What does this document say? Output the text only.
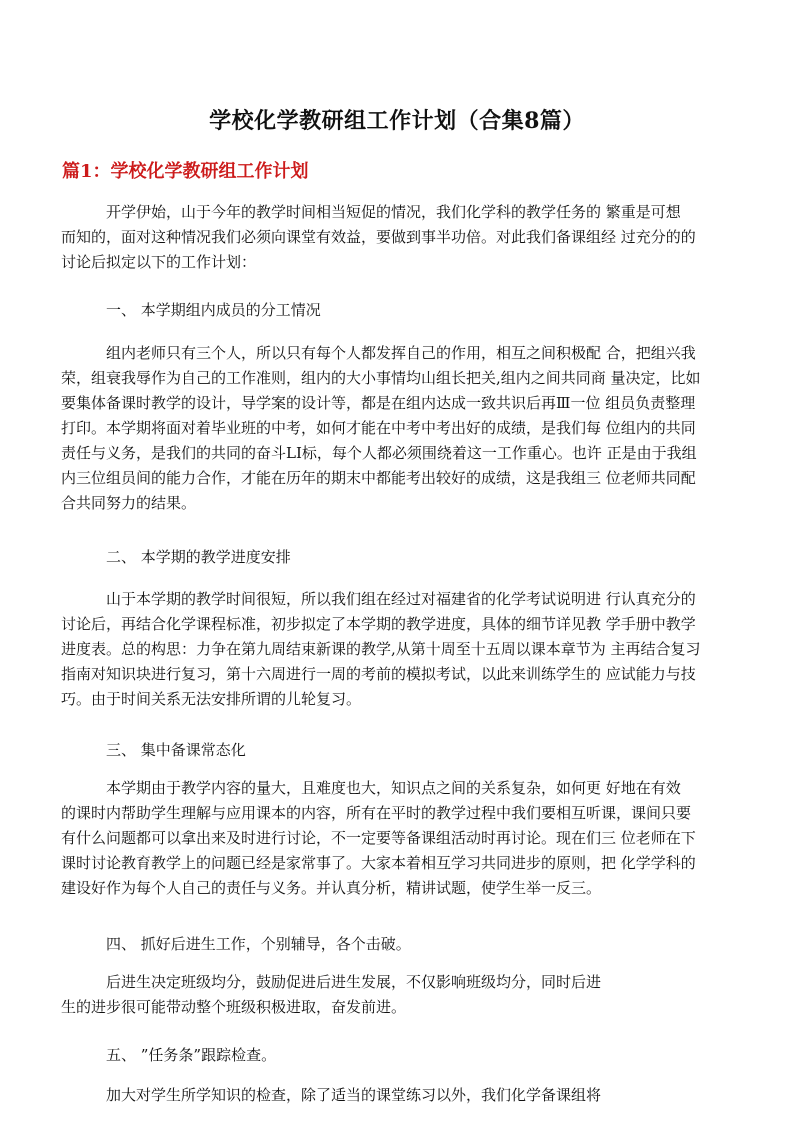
学校化学教研组工作计划（合集8篇）
篇1：学校化学教研组工作计划

开学伊始，山于今年的教学时间相当短促的情况，我们化学科的教学任务的 繁重是可想
而知的，面对这种情况我们必须向课堂有效益，要做到事半功倍。对此我们备课组经 过充分的的
讨论后拟定以下的工作计划：

一、 本学期组内成员的分工情况

组内老师只有三个人，所以只有每个人都发挥自己的作用，相互之间积极配 合，把组兴我
荣，组衰我辱作为自己的工作准则，组内的大小事情均山组长把关,组内之间共同商 量决定，比如
要集体备课时教学的设计，导学案的设计等，都是在组内达成一致共识后再Ⅲ一位 组员负责整理
打印。本学期将面对着毕业班的中考，如何才能在中考中考出好的成绩，是我们每 位组内的共同
责任与义务，是我们的共同的奋斗LI标，每个人都必须围绕着这一工作重心。也许 正是由于我组
内三位组员间的能力合作，才能在历年的期末中都能考出较好的成绩，这是我组三 位老师共同配
合共同努力的结果。

二、 本学期的教学进度安排

山于本学期的教学时间很短，所以我们组在经过对福建省的化学考试说明进 行认真充分的
讨论后，再结合化学课程标准，初步拟定了本学期的教学进度，具体的细节详见教 学手册中教学
进度表。总的构思：力争在第九周结束新课的教学,从第十周至十五周以课本章节为 主再结合复习
指南对知识块进行复习，第十六周进行一周的考前的模拟考试，以此来训练学生的 应试能力与技
巧。由于时间关系无法安排所谓的儿轮复习。

三、 集中备课常态化

本学期由于教学内容的量大，且难度也大，知识点之间的关系复杂，如何更 好地在有效
的课时内帮助学生理解与应用课本的内容，所有在平时的教学过程中我们要相互听课，课间只要
有什么问题都可以拿出来及时进行讨论，不一定要等备课组活动时再讨论。现在们三 位老师在下
课时讨论教育教学上的问题已经是家常事了。大家本着相互学习共同进步的原则，把 化学学科的
建设好作为每个人自己的责任与义务。并认真分析，精讲试题，使学生举一反三。

四、 抓好后进生工作，个别辅导，各个击破。

后进生决定班级均分，鼓励促进后进生发展，不仅影响班级均分，同时后进
生的进步很可能带动整个班级积极进取，奋发前进。

五、 ”任务条”跟踪检查。

加大对学生所学知识的检查，除了适当的课堂练习以外，我们化学备课组将
